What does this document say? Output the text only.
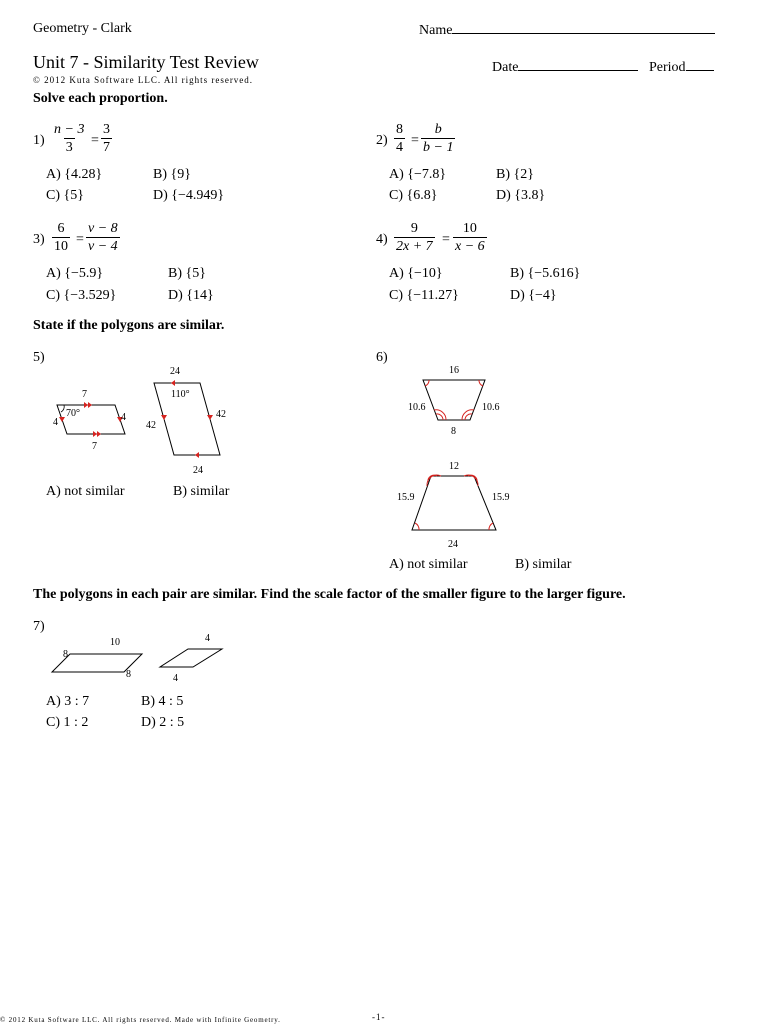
Geometry - Clark	Name
Unit 7 - Similarity Test Review
© 2012 Kuta Software LLC. All rights reserved.
Date	Period
Solve each proportion.
$1) \frac{n - 3}{3} = \frac{3}{7}$
A) {4.28}	B) {9}
C) {5}	D) {−4.949}
$2) \frac{8}{4} = \frac{b}{b - 1}$
A) {−7.8}	B) {2}
C) {6.8}	D) {3.8}
$3) \frac{6}{10} = \frac{v - 8}{v - 4}$
A) {−5.9}	B) {5}
C) {−3.529}	D) {14}
$4) \frac{9}{2x + 7} = \frac{10}{x - 6}$
A) {−10}	B) {−5.616}
C) {−11.27}	D) {−4}
State if the polygons are similar.
5)
7
7
4	4
70°
24
24
42
42
110°
A) not similar	B) similar
6)
16
10.6	10.6
8
12
15.9	15.9
24
A) not similar	B) similar
The polygons in each pair are similar. Find the scale factor of the smaller figure to the larger figure.
7)
8
10
8
4
4
A) 3 : 7	B) 4 : 5
C) 1 : 2	D) 2 : 5
© 2012 Kuta Software LLC. All rights reserved. Made with Infinite Geometry.	-1-
